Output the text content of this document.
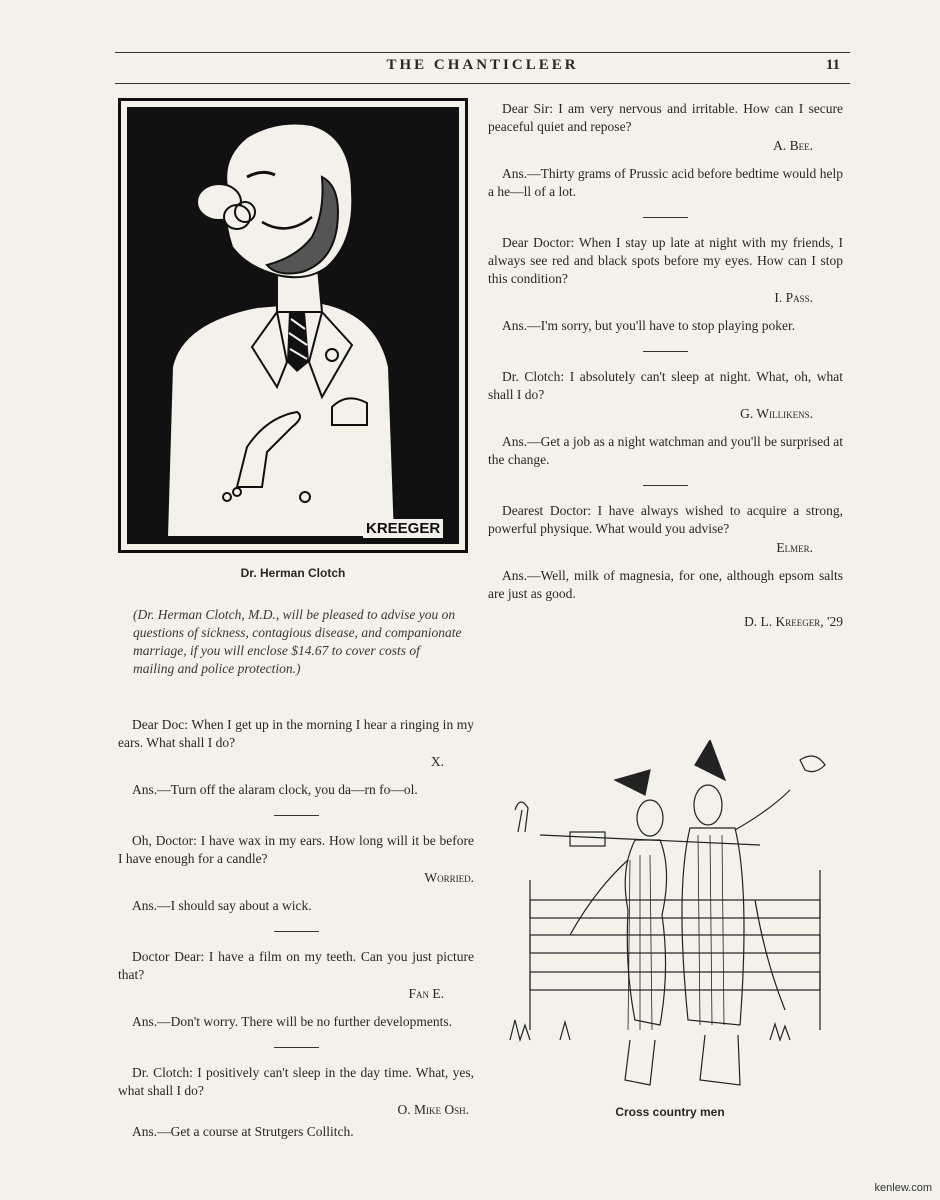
THE CHANTICLEER	11
KREEGER
Dr. Herman Clotch
(Dr. Herman Clotch, M.D., will be pleased to advise you on questions of sickness, contagious disease, and companionate marriage, if you will enclose $14.67 to cover costs of mailing and police protection.)

Dear Doc: When I get up in the morning I hear a ringing in my ears. What shall I do?

X.

Ans.—Turn off the alaram clock, you da—rn fo—ol.

Oh, Doctor: I have wax in my ears. How long will it be before I have enough for a candle?

Worried.

Ans.—I should say about a wick.

Doctor Dear: I have a film on my teeth. Can you just picture that?

Fan E.

Ans.—Don't worry. There will be no further developments.

Dr. Clotch: I positively can't sleep in the day time. What, yes, what shall I do?

O. Mike Osh.

Ans.—Get a course at Strutgers Collitch.

Dear Sir: I am very nervous and irritable. How can I secure peaceful quiet and repose?

A. Bee.

Ans.—Thirty grams of Prussic acid before bedtime would help a he—ll of a lot.

Dear Doctor: When I stay up late at night with my friends, I always see red and black spots before my eyes. How can I stop this condition?

I. Pass.

Ans.—I'm sorry, but you'll have to stop playing poker.

Dr. Clotch: I absolutely can't sleep at night. What, oh, what shall I do?

G. Willikens.

Ans.—Get a job as a night watchman and you'll be surprised at the change.

Dearest Doctor: I have always wished to acquire a strong, powerful physique. What would you advise?

Elmer.

Ans.—Well, milk of magnesia, for one, although epsom salts are just as good.

D. L. Kreeger, '29

Cross country men
kenlew.com
